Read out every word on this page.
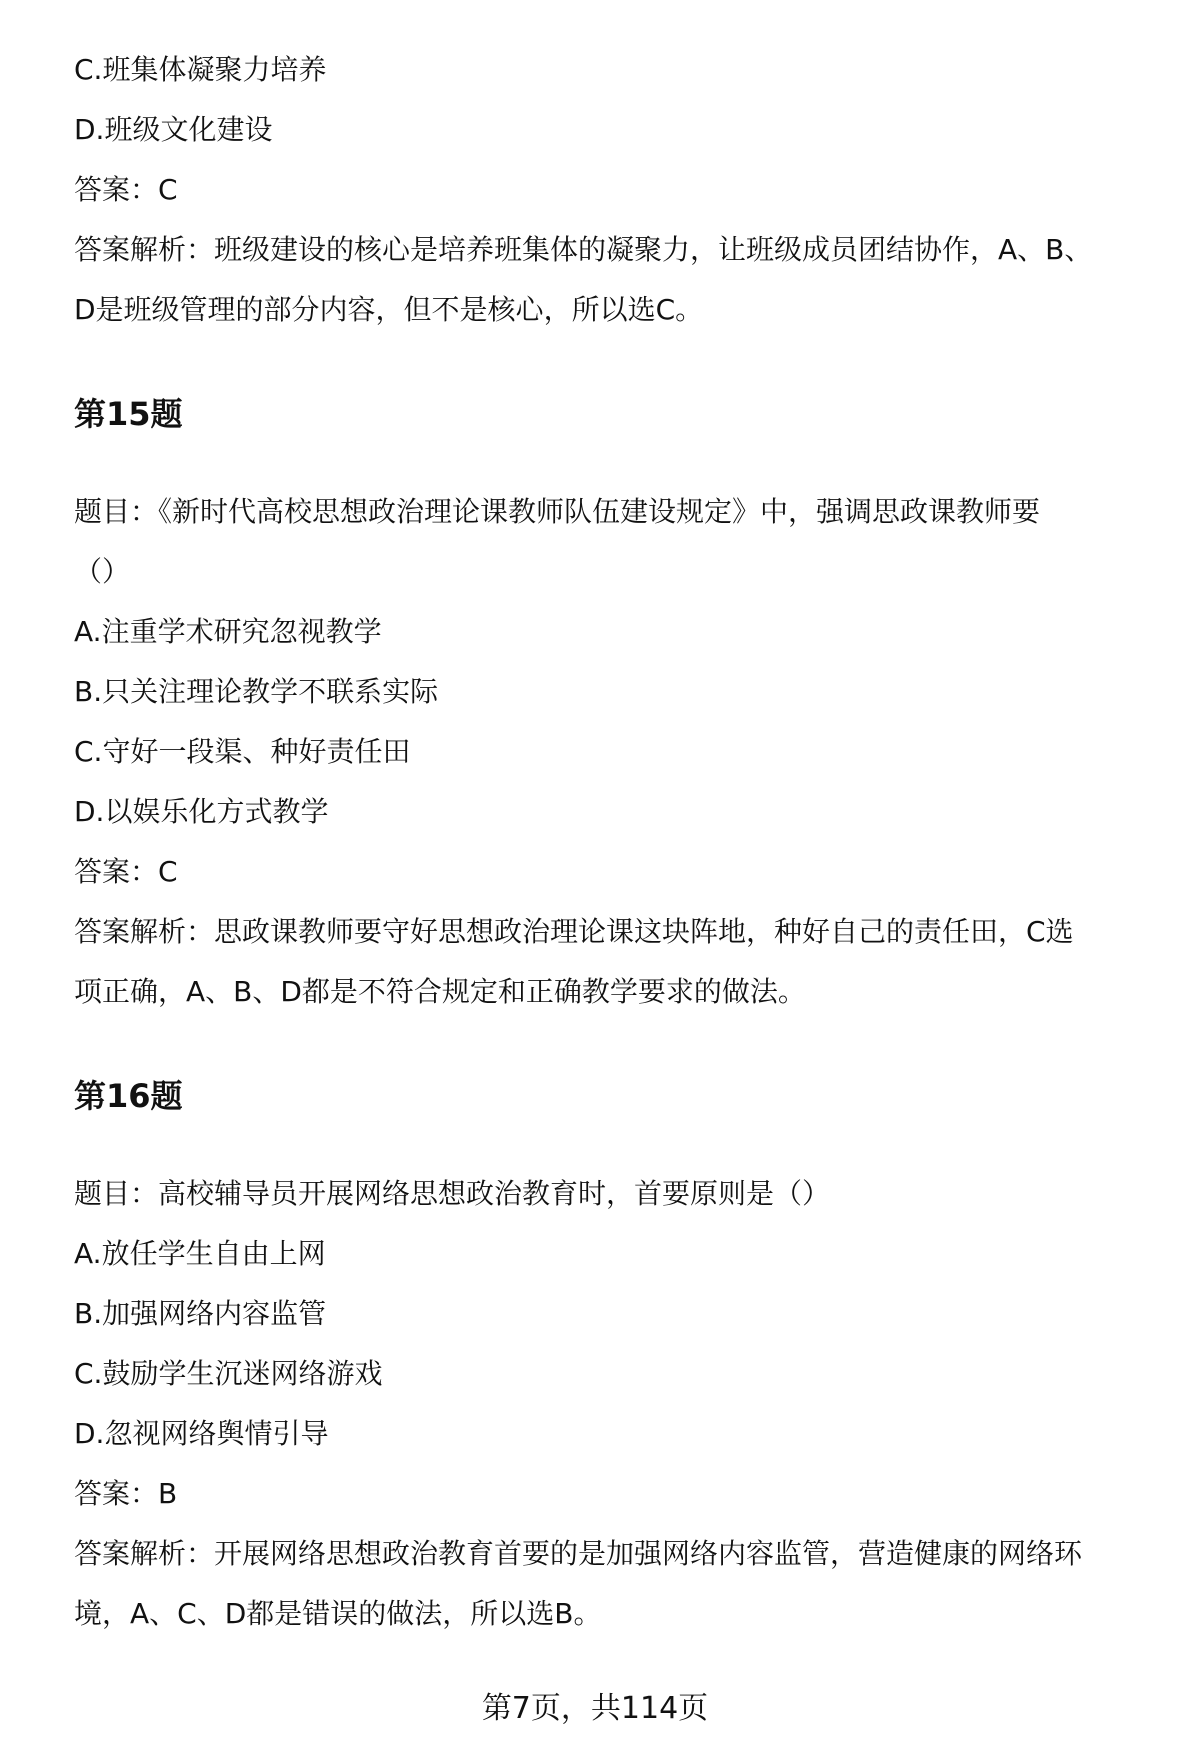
C.班集体凝聚力培养
D.班级文化建设
答案：C
答案解析：班级建设的核心是培养班集体的凝聚力，让班级成员团结协作，A、B、
D是班级管理的部分内容，但不是核心，所以选C。
第15题
题目：《新时代高校思想政治理论课教师队伍建设规定》中，强调思政课教师要
（）
A.注重学术研究忽视教学
B.只关注理论教学不联系实际
C.守好一段渠、种好责任田
D.以娱乐化方式教学
答案：C
答案解析：思政课教师要守好思想政治理论课这块阵地，种好自己的责任田，C选
项正确，A、B、D都是不符合规定和正确教学要求的做法。
第16题
题目：高校辅导员开展网络思想政治教育时，首要原则是（）
A.放任学生自由上网
B.加强网络内容监管
C.鼓励学生沉迷网络游戏
D.忽视网络舆情引导
答案：B
答案解析：开展网络思想政治教育首要的是加强网络内容监管，营造健康的网络环
境，A、C、D都是错误的做法，所以选B。
第7页，共114页
